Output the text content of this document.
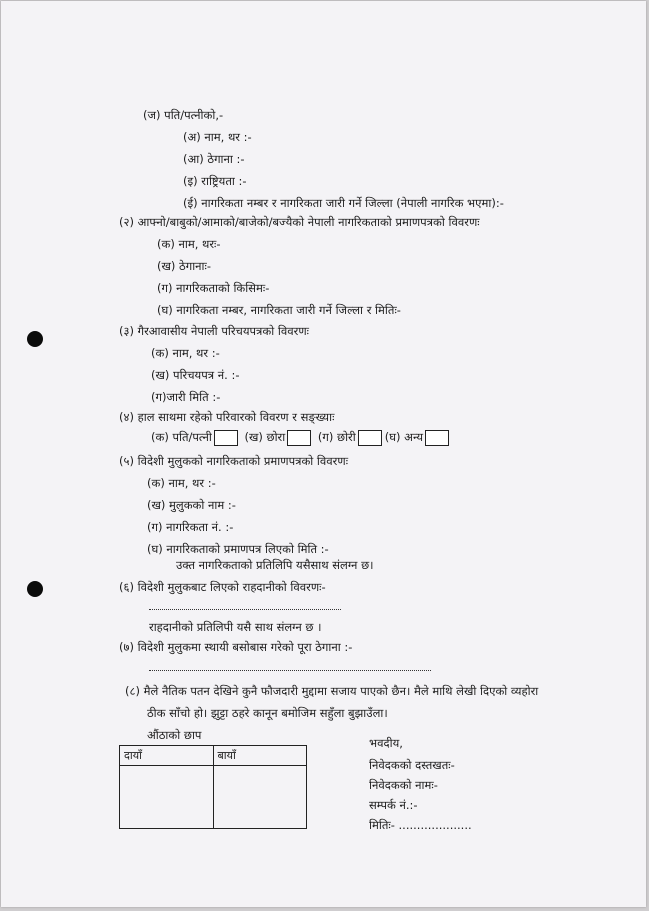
(ज) पति/पत्नीको,-
(अ) नाम, थर :-
(आ) ठेगाना :-
(इ) राष्ट्रियता :-
(ई) नागरिकता नम्बर र नागरिकता जारी गर्ने जिल्ला (नेपाली नागरिक भएमा):-
(२) आफ्नो/बाबुको/आमाको/बाजेको/बज्यैको नेपाली नागरिकताको प्रमाणपत्रको विवरणः
(क) नाम, थरः-
(ख) ठेगानाः-
(ग) नागरिकताको किसिमः-
(घ) नागरिकता नम्बर, नागरिकता जारी गर्ने जिल्ला र मितिः-
(३) गैरआवासीय नेपाली परिचयपत्रको विवरणः
(क) नाम, थर :-
(ख) परिचयपत्र नं. :-
(ग)जारी मिति :-
(४) हाल साथमा रहेको परिवारको विवरण र सङ्ख्याः
(क) पति/पत्नी	(ख) छोरा	(ग) छोरी	(घ) अन्य
(५) विदेशी मुलुकको नागरिकताको प्रमाणपत्रको विवरणः
(क) नाम, थर :-
(ख) मुलुकको नाम :-
(ग) नागरिकता नं. :-
(घ) नागरिकताको प्रमाणपत्र लिएको मिति :-
उक्त नागरिकताको प्रतिलिपि यसैसाथ संलग्न छ।
(६) विदेशी मुलुकबाट लिएको राहदानीको विवरणः-
राहदानीको प्रतिलिपी यसै साथ संलग्न छ ।
(७) विदेशी मुलुकमा स्थायी बसोबास गरेको पूरा ठेगाना :-
(८) मैले नैतिक पतन देखिने कुनै फौजदारी मुद्दामा सजाय पाएको छैन। मैले माथि लेखी दिएको व्यहोरा
ठीक साँचो हो। झुट्टा ठहरे कानून बमोजिम सहुँला बुझाउँला।
औंठाको छाप
दायाँ	बायाँ

भवदीय,
निवेदकको दस्तखतः-
निवेदकको नामः-
सम्पर्क नं.:-
मितिः- ....................
